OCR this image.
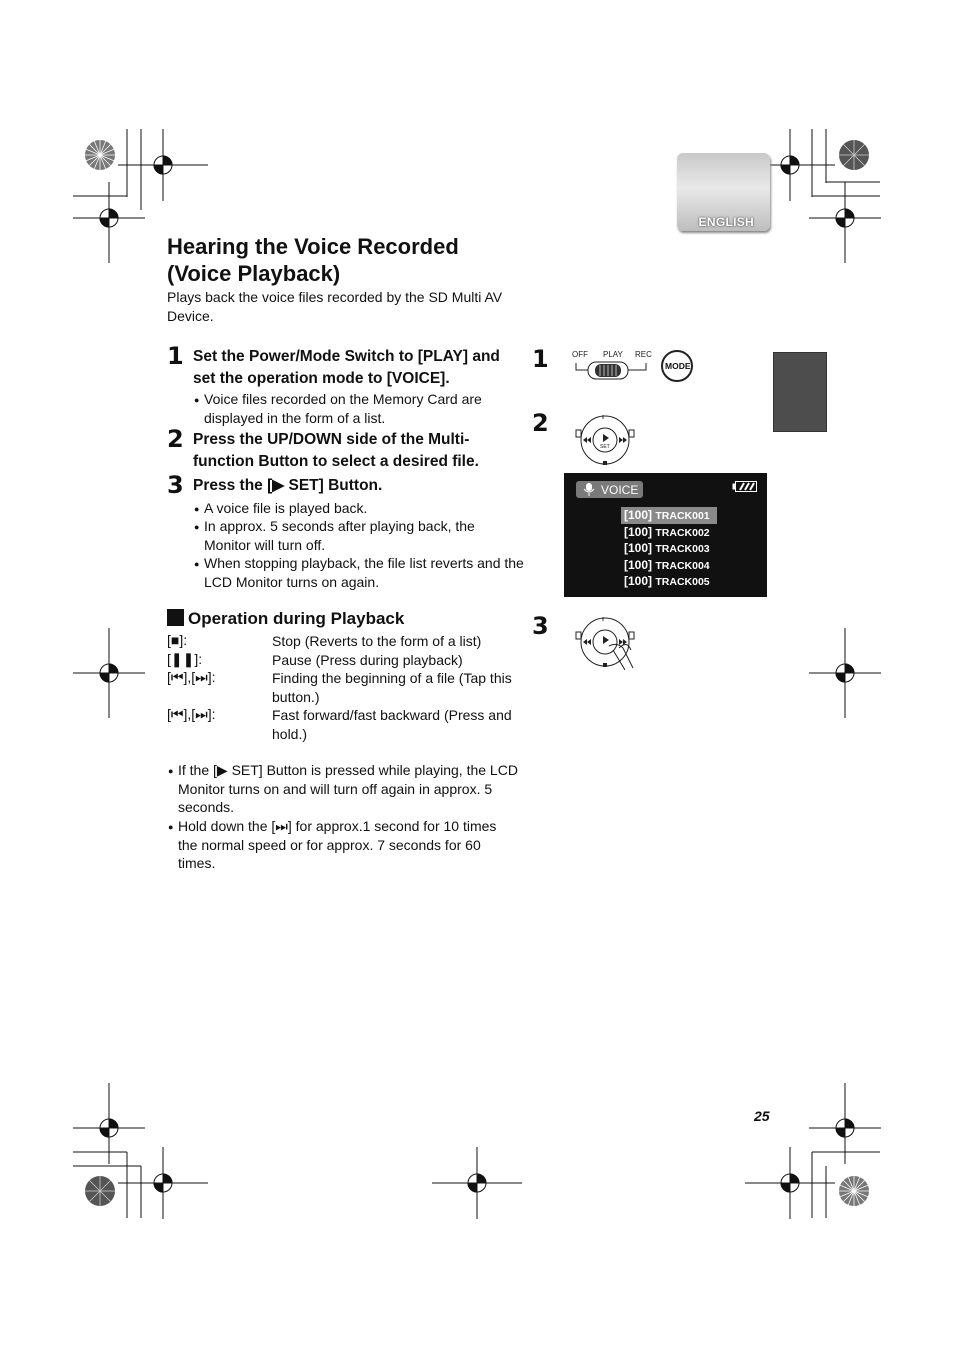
ENGLISH
Hearing the Voice Recorded
(Voice Playback)
Plays back the voice files recorded by the SD Multi AV Device.
1 Set the Power/Mode Switch to [PLAY] and set the operation mode to [VOICE].
● Voice files recorded on the Memory Card are displayed in the form of a list.
2 Press the UP/DOWN side of the Multi-function Button to select a desired file.
3 Press the [▶ SET] Button.
● A voice file is played back.
● In approx. 5 seconds after playing back, the Monitor will turn off.
● When stopping playback, the file list reverts and the LCD Monitor turns on again.
Operation during Playback
[■]:	Stop (Reverts to the form of a list)
[❚❚]:	Pause (Press during playback)
[⏮],[⏭]:	Finding the beginning of a file (Tap this button.)
[⏮],[⏭]:	Fast forward/fast backward (Press and hold.)
● If the [▶ SET] Button is pressed while playing, the LCD Monitor turns on and will turn off again in approx. 5 seconds.
● Hold down the [⏭] for approx.1 second for 10 times the normal speed or for approx. 7 seconds for 60 times.
1	OFF PLAY REC
MODE
2
SET
ll
VOICE
[100] TRACK001
[100] TRACK002
[100] TRACK003
[100] TRACK004
[100] TRACK005
3	ll
25
